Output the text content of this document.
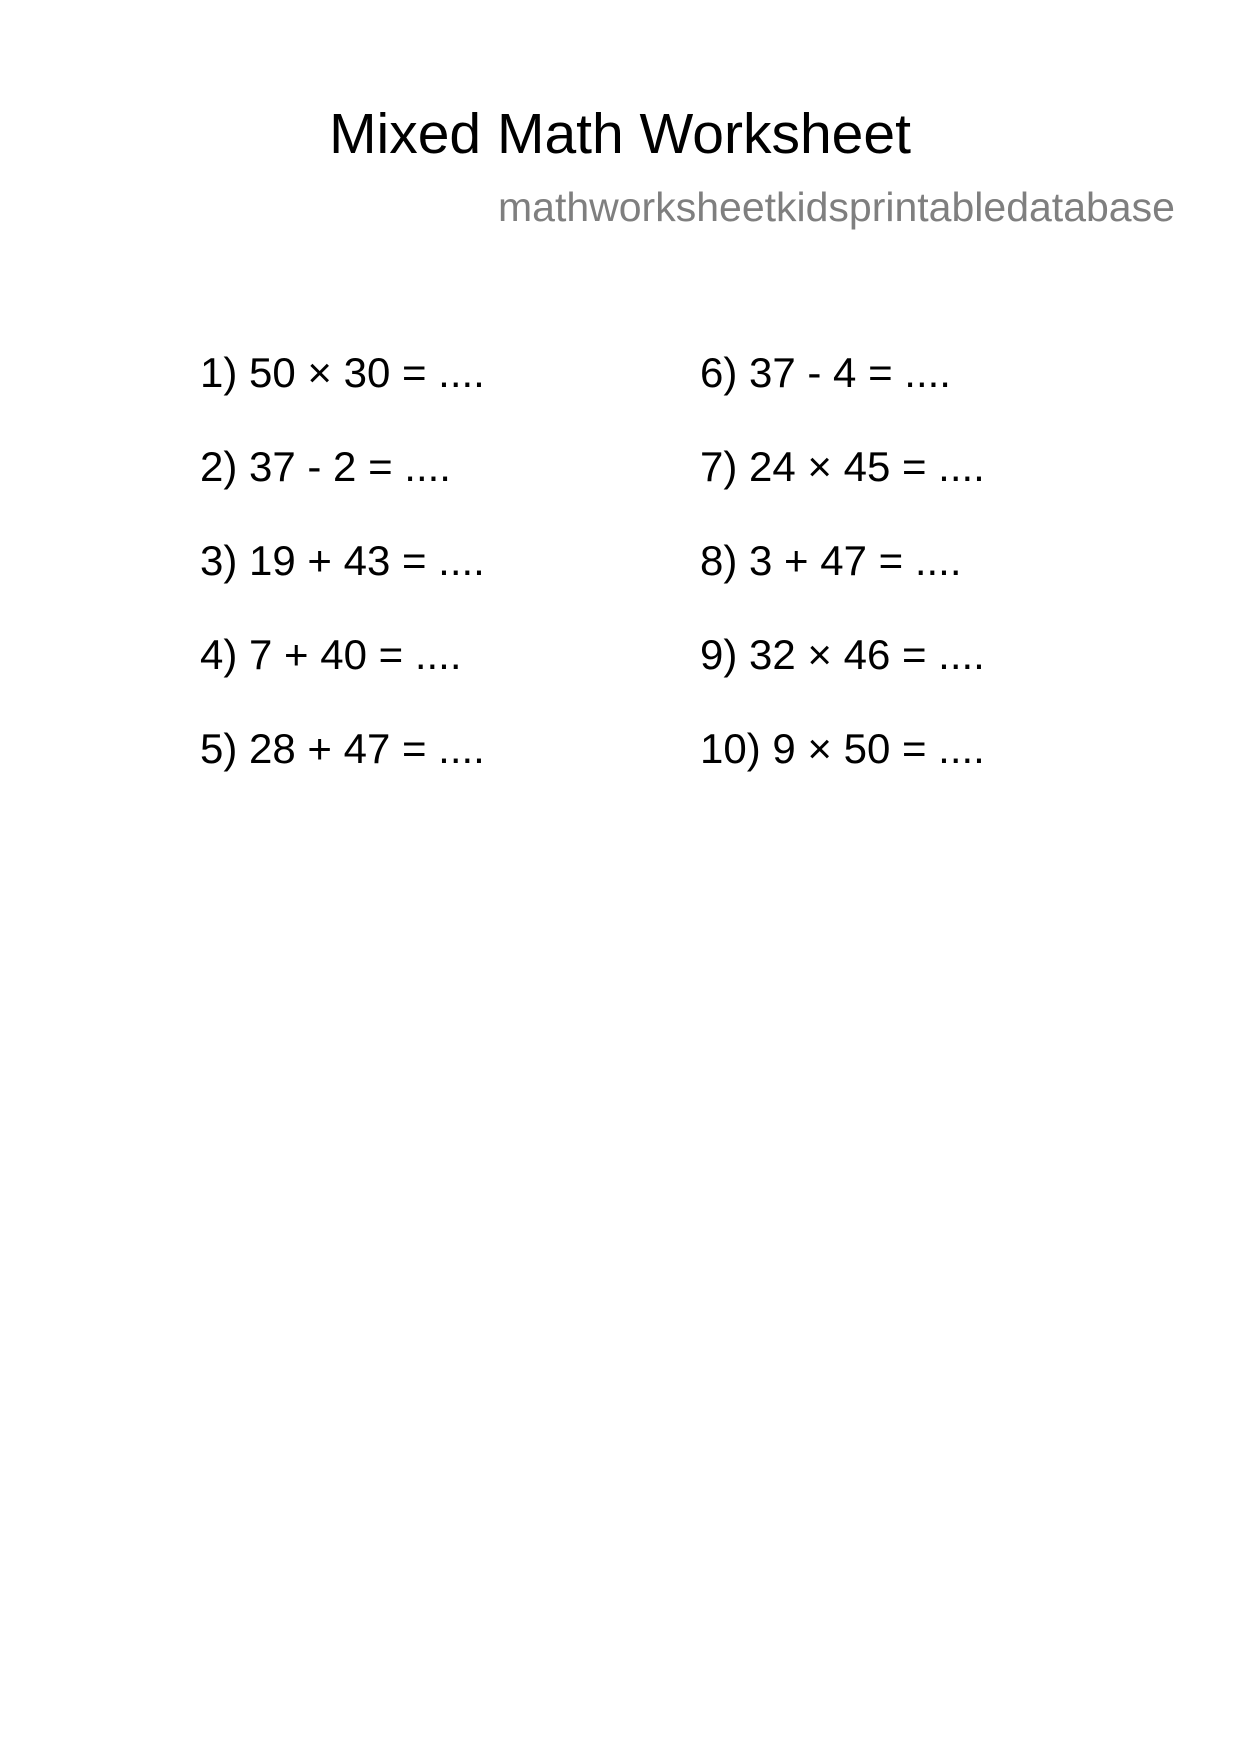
Mixed Math Worksheet
mathworksheetkidsprintabledatabase
1) 50 × 30 = ....
2) 37 - 2 = ....
3) 19 + 43 = ....
4) 7 + 40 = ....
5) 28 + 47 = ....
6) 37 - 4 = ....
7) 24 × 45 = ....
8) 3 + 47 = ....
9) 32 × 46 = ....
10) 9 × 50 = ....
